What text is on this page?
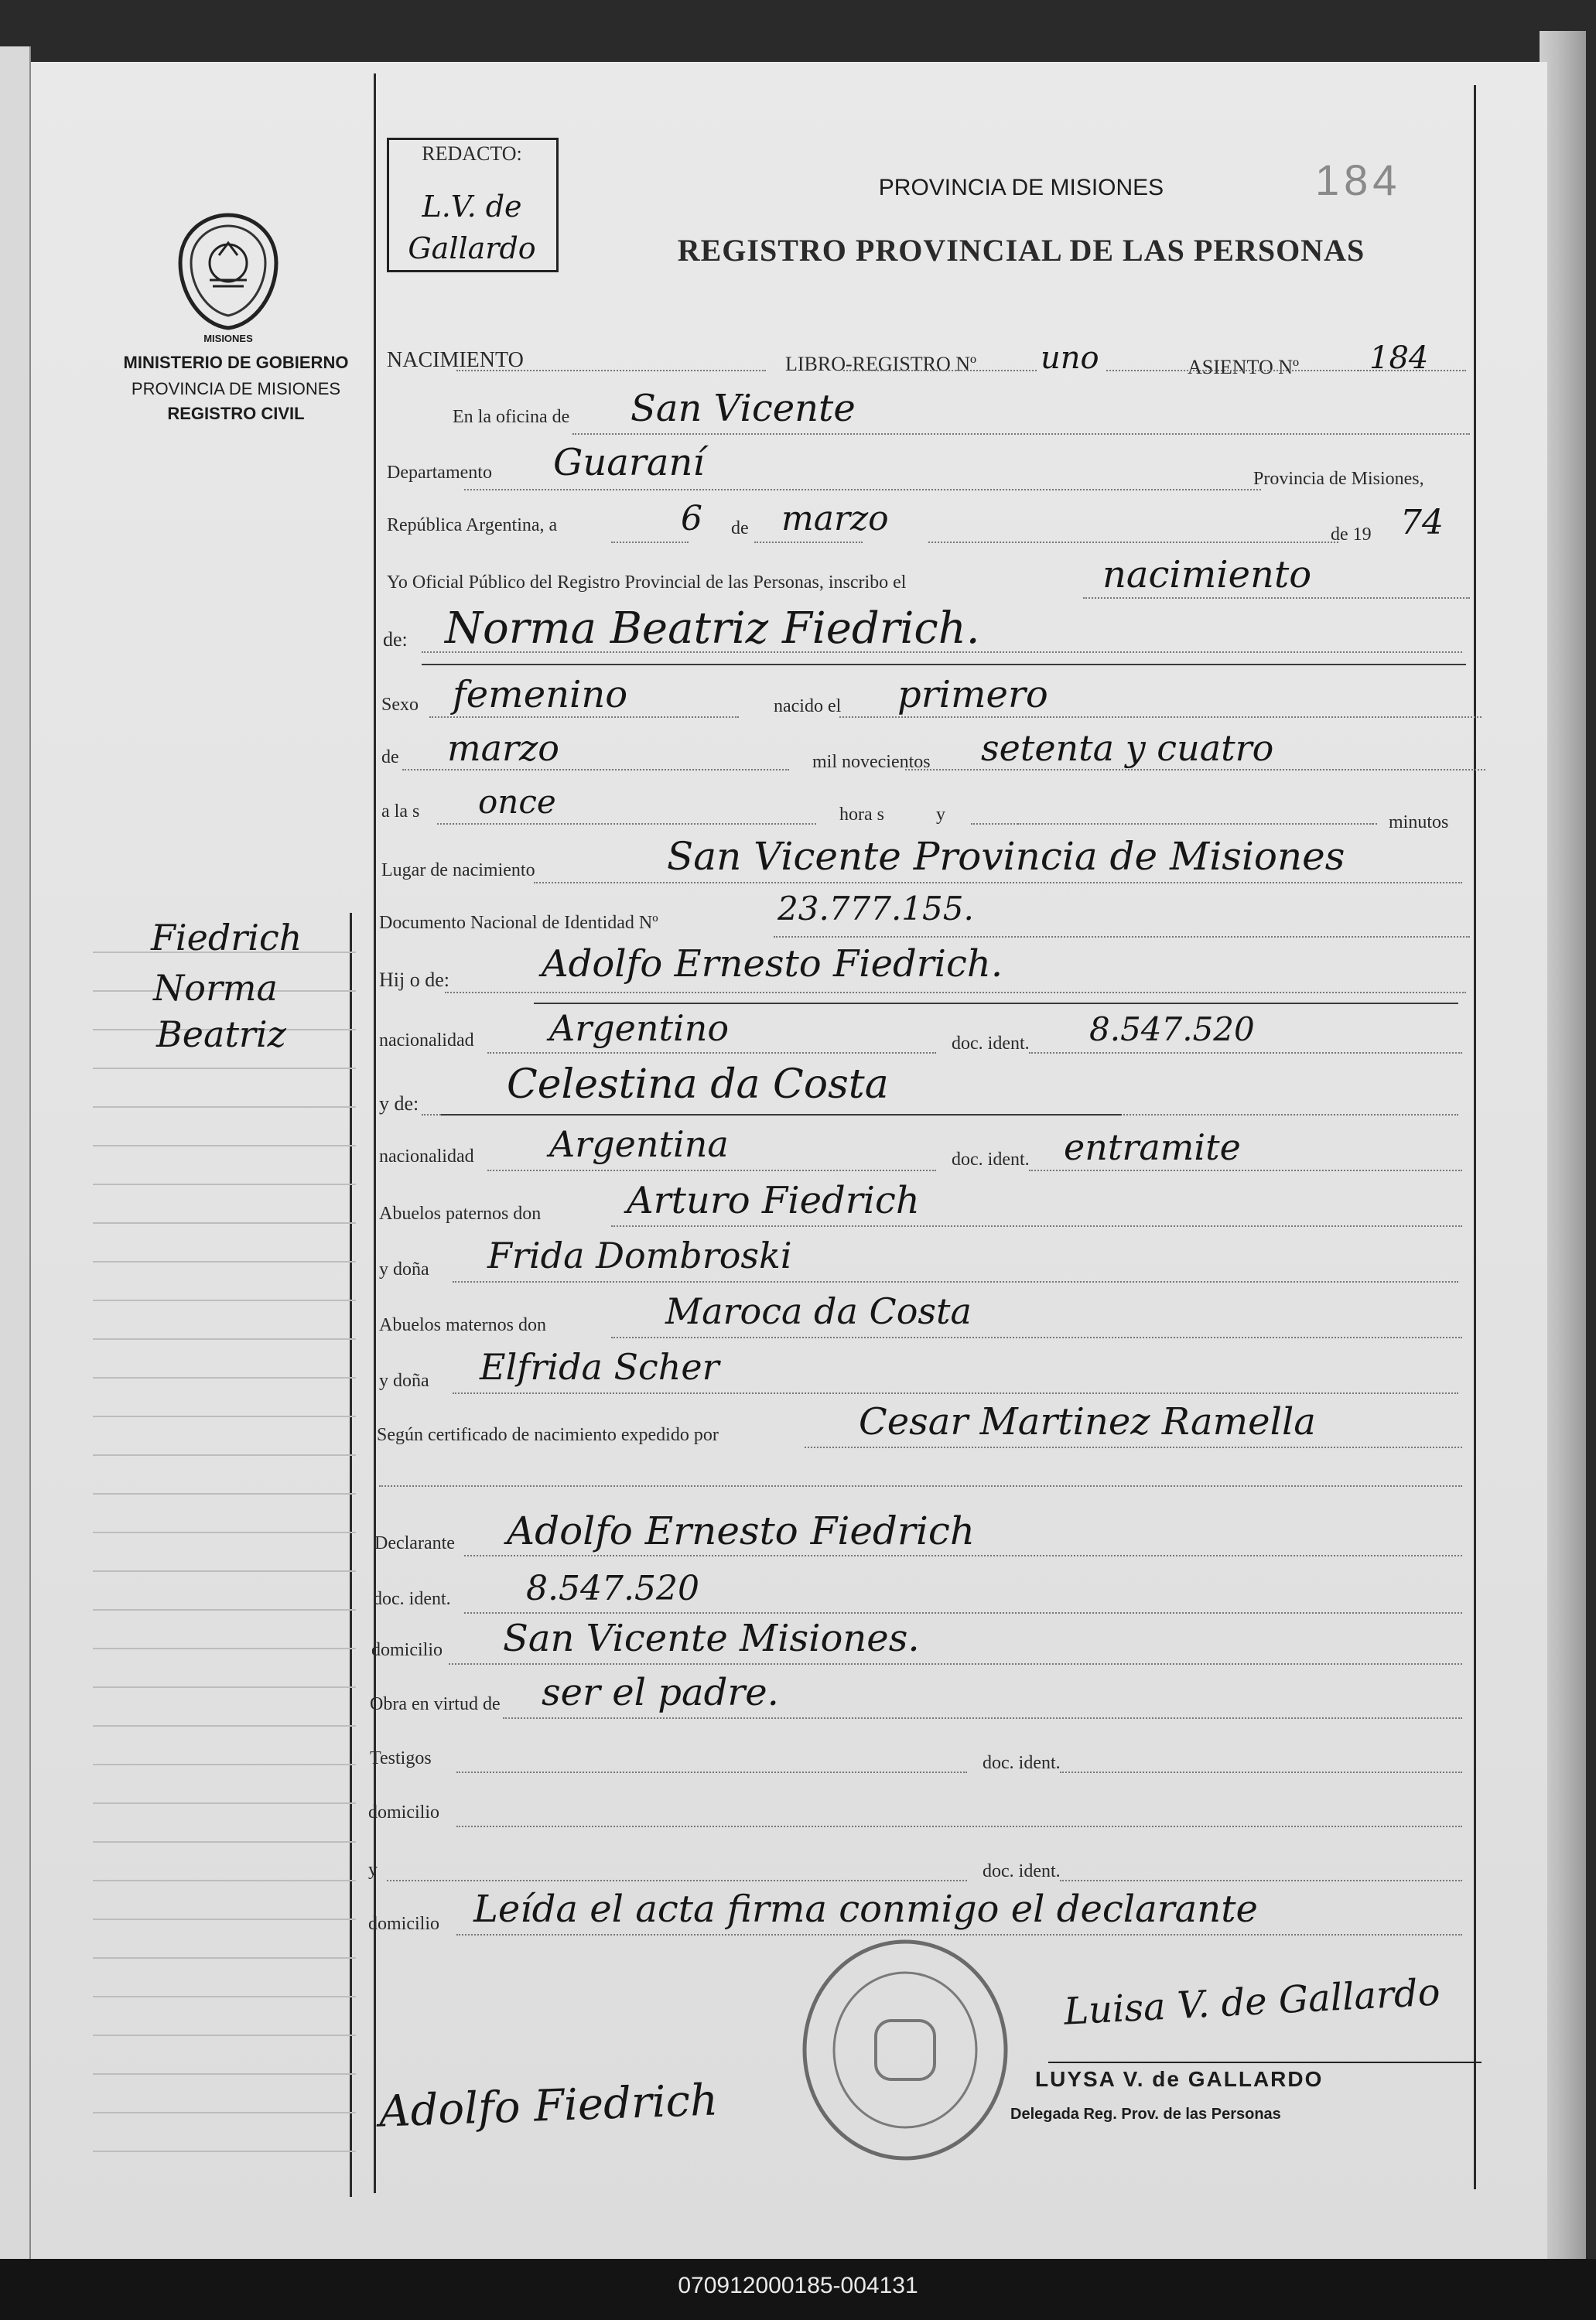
MISIONES
MINISTERIO DE GOBIERNO
PROVINCIA DE MISIONES
REGISTRO CIVIL
Fiedrich
Norma
Beatriz
REDACTO:
L.V. de Gallardo
PROVINCIA DE MISIONES
REGISTRO PROVINCIAL DE LAS PERSONAS
184
NACIMIENTO	LIBRO-REGISTRO Nº uno	ASIENTO Nº 184
En la oficina de San Vicente
Departamento Guaraní	Provincia de Misiones,
República Argentina, a	6 de marzo	de 19 74
Yo Oficial Público del Registro Provincial de las Personas, inscribo el	nacimiento
de: Norma Beatriz Fiedrich.
Sexo femenino	nacido el primero
de marzo	mil novecientos setenta y cuatro
a la s once	hora s	y	minutos
Lugar de nacimiento	San Vicente Provincia de Misiones
Documento Nacional de Identidad Nº	23.777.155.
Hij o de: Adolfo Ernesto Fiedrich.
nacionalidad Argentino	doc. ident. 8.547.520
y de: Celestina da Costa
nacionalidad Argentina	doc. ident. entramite
Abuelos paternos don Arturo Fiedrich
y doña Frida Dombroski
Abuelos maternos don	Maroca da Costa
y doña Elfrida Scher
Según certificado de nacimiento expedido por	Cesar Martinez Ramella
Declarante Adolfo Ernesto Fiedrich
doc. ident. 8.547.520
domicilio San Vicente Misiones.
Obra en virtud de ser el padre.
Testigos	doc. ident.
domicilio
y	doc. ident.
domicilio Leída el acta firma conmigo el declarante
Luisa V. de Gallardo
LUYSA V. de GALLARDO
Delegada Reg. Prov. de las Personas
Adolfo Fiedrich
070912000185-004131
